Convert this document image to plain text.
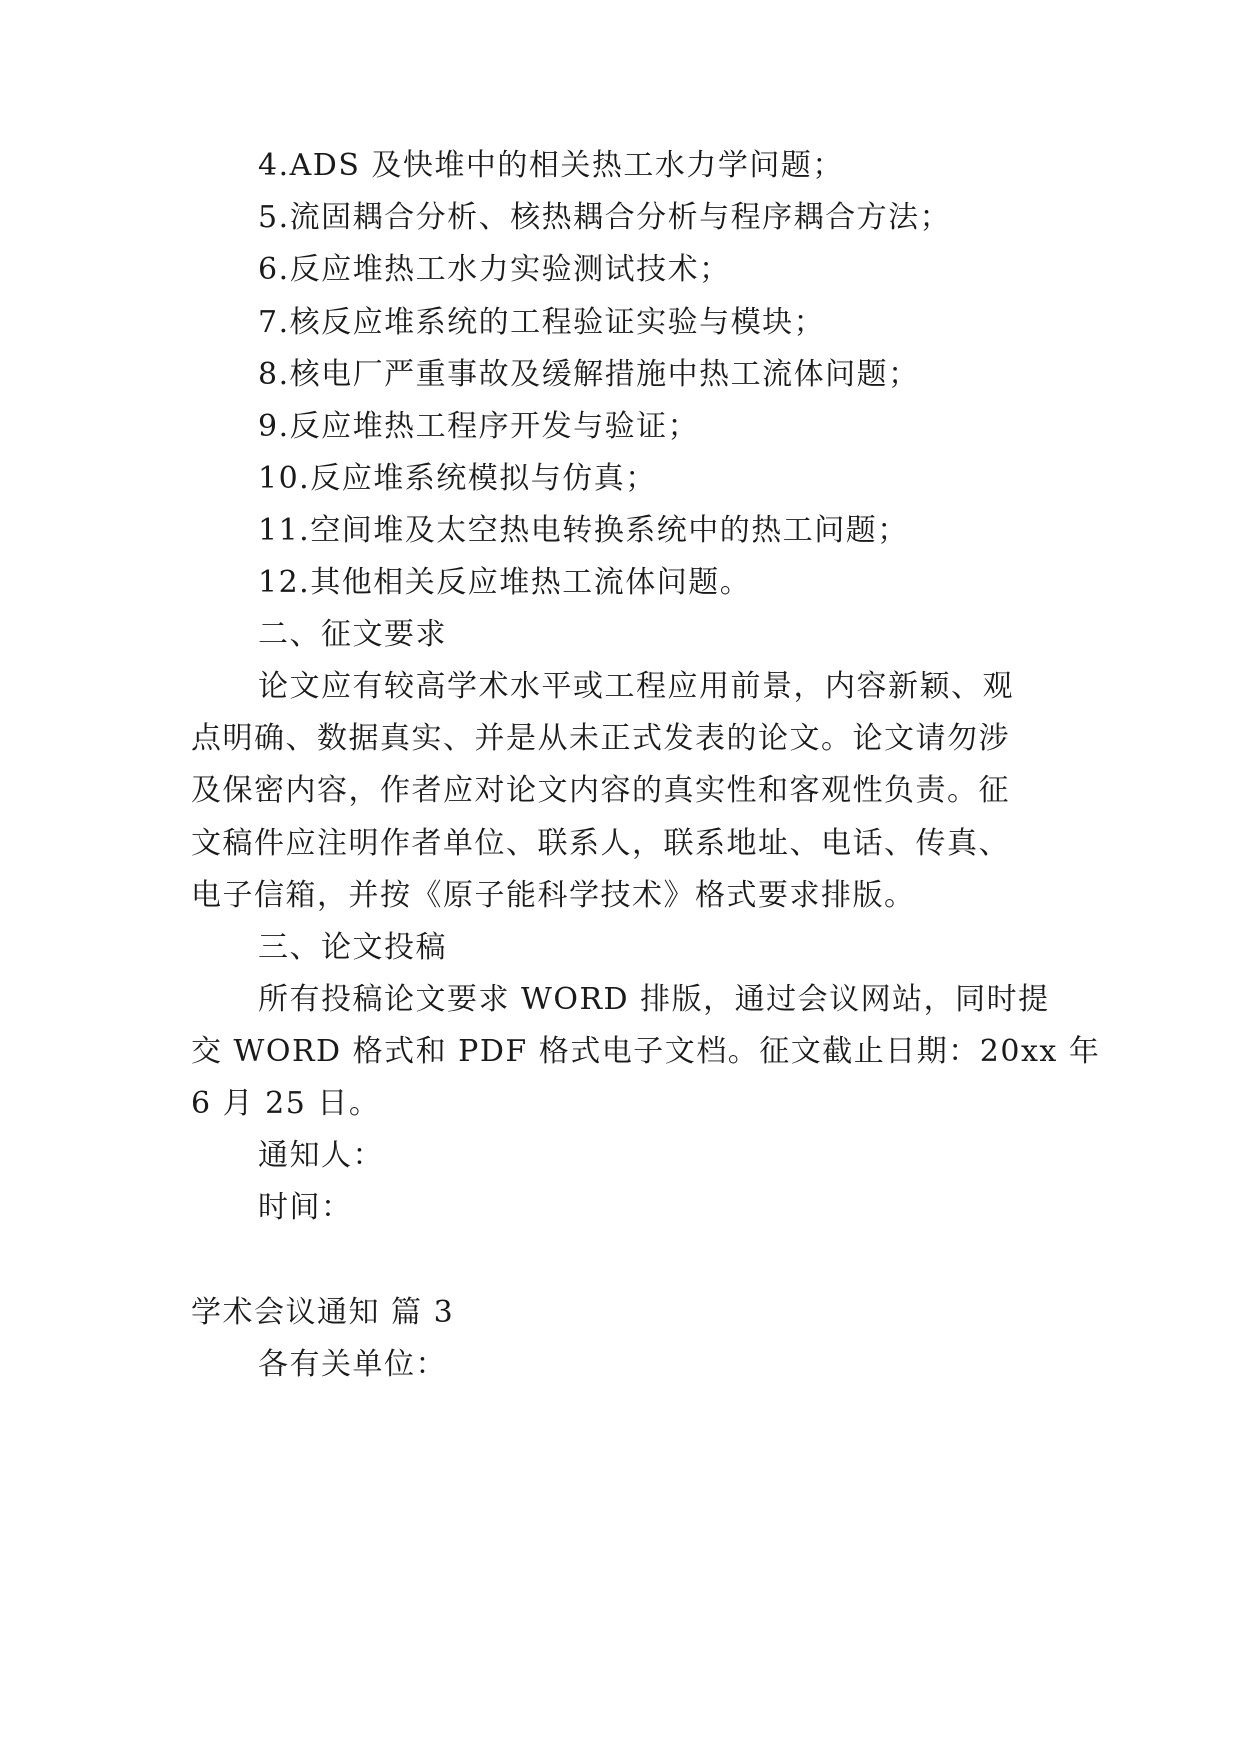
4.ADS 及快堆中的相关热工水力学问题；
5.流固耦合分析、核热耦合分析与程序耦合方法；
6.反应堆热工水力实验测试技术；
7.核反应堆系统的工程验证实验与模块；
8.核电厂严重事故及缓解措施中热工流体问题；
9.反应堆热工程序开发与验证；
10.反应堆系统模拟与仿真；
11.空间堆及太空热电转换系统中的热工问题；
12.其他相关反应堆热工流体问题。
二、征文要求
论文应有较高学术水平或工程应用前景，内容新颖、观
点明确、数据真实、并是从未正式发表的论文。论文请勿涉
及保密内容，作者应对论文内容的真实性和客观性负责。征
文稿件应注明作者单位、联系人，联系地址、电话、传真、
电子信箱，并按《原子能科学技术》格式要求排版。
三、论文投稿
所有投稿论文要求 WORD 排版，通过会议网站，同时提
交 WORD 格式和 PDF 格式电子文档。征文截止日期：20xx 年
6 月 25 日。
通知人：
时间：
学术会议通知 篇 3
各有关单位：
